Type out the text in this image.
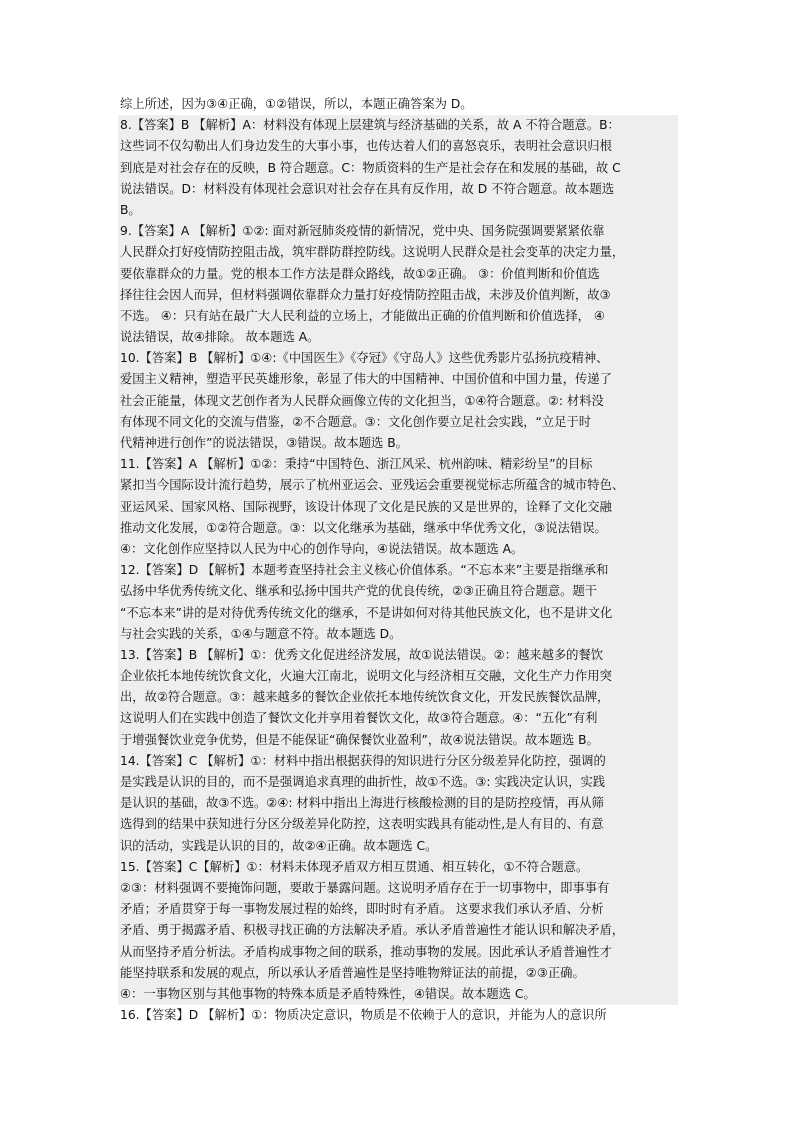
综上所述，因为③④正确，①②错误，所以，本题正确答案为 D。
8.【答案】B 【解析】A：材料没有体现上层建筑与经济基础的关系，故 A 不符合题意。B：
这些词不仅勾勒出人们身边发生的大事小事，也传达着人们的喜怒哀乐，表明社会意识归根
到底是对社会存在的反映，B 符合题意。C：物质资料的生产是社会存在和发展的基础，故 C
说法错误。D：材料没有体现社会意识对社会存在具有反作用，故 D 不符合题意。故本题选
B。
9.【答案】A 【解析】①②: 面对新冠肺炎疫情的新情况，党中央、国务院强调要紧紧依靠
人民群众打好疫情防控阻击战，筑牢群防群控防线。这说明人民群众是社会变革的决定力量，
要依靠群众的力量。党的根本工作方法是群众路线，故①②正确。 ③：价值判断和价值选
择往往会因人而异，但材料强调依靠群众力量打好疫情防控阻击战，未涉及价值判断，故③
不选。 ④：只有站在最广大人民利益的立场上，才能做出正确的价值判断和价值选择， ④
说法错误，故④排除。 故本题选 A。
10.【答案】B 【解析】①④:《中国医生》《夺冠》《守岛人》这些优秀影片弘扬抗疫精神、
爱国主义精神，塑造平民英雄形象，彰显了伟大的中国精神、中国价值和中国力量，传递了
社会正能量，体现文艺创作者为人民群众画像立传的文化担当，①④符合题意。②: 材料没
有体现不同文化的交流与借鉴，②不合题意。③：文化创作要立足社会实践，“立足于时
代精神进行创作”的说法错误，③错误。故本题选 B。
11.【答案】A 【解析】①②：秉持“中国特色、浙江风采、杭州韵味、精彩纷呈”的目标
紧扣当今国际设计流行趋势，展示了杭州亚运会、亚残运会重要视觉标志所蕴含的城市特色、
亚运风采、国家风格、国际视野，该设计体现了文化是民族的又是世界的，诠释了文化交融
推动文化发展，①②符合题意。③：以文化继承为基础，继承中华优秀文化，③说法错误。
④：文化创作应坚持以人民为中心的创作导向，④说法错误。故本题选 A。
12.【答案】D 【解析】本题考查坚持社会主义核心价值体系。“不忘本来”主要是指继承和
弘扬中华优秀传统文化、继承和弘扬中国共产党的优良传统，②③正确且符合题意。题干
“不忘本来”讲的是对待优秀传统文化的继承，不是讲如何对待其他民族文化，也不是讲文化
与社会实践的关系，①④与题意不符。故本题选 D。
13.【答案】B 【解析】①：优秀文化促进经济发展，故①说法错误。②：越来越多的餐饮
企业依托本地传统饮食文化，火遍大江南北，说明文化与经济相互交融，文化生产力作用突
出，故②符合题意。③：越来越多的餐饮企业依托本地传统饮食文化，开发民族餐饮品牌，
这说明人们在实践中创造了餐饮文化并享用着餐饮文化，故③符合题意。④：“五化”有利
于增强餐饮业竞争优势，但是不能保证“确保餐饮业盈利”，故④说法错误。故本题选 B。
14.【答案】C 【解析】①：材料中指出根据获得的知识进行分区分级差异化防控，强调的
是实践是认识的目的，而不是强调追求真理的曲折性，故①不选。③: 实践决定认识，实践
是认识的基础，故③不选。②④: 材料中指出上海进行核酸检测的目的是防控疫情，再从筛
选得到的结果中获知进行分区分级差异化防控，这表明实践具有能动性,是人有目的、有意
识的活动，实践是认识的目的，故②④正确。故本题选 C。
15.【答案】C【解析】①：材料未体现矛盾双方相互贯通、相互转化，①不符合题意。
②③：材料强调不要掩饰问题，要敢于暴露问题。这说明矛盾存在于一切事物中，即事事有
矛盾；矛盾贯穿于每一事物发展过程的始终，即时时有矛盾。 这要求我们承认矛盾、分析
矛盾、勇于揭露矛盾、积极寻找正确的方法解决矛盾。承认矛盾普遍性才能认识和解决矛盾，
从而坚持矛盾分析法。矛盾构成事物之间的联系，推动事物的发展。因此承认矛盾普遍性才
能坚持联系和发展的观点，所以承认矛盾普遍性是坚持唯物辩证法的前提，②③正确。
④：一事物区别与其他事物的特殊本质是矛盾特殊性，④错误。故本题选 C。
16.【答案】D 【解析】①：物质决定意识，物质是不依赖于人的意识，并能为人的意识所
